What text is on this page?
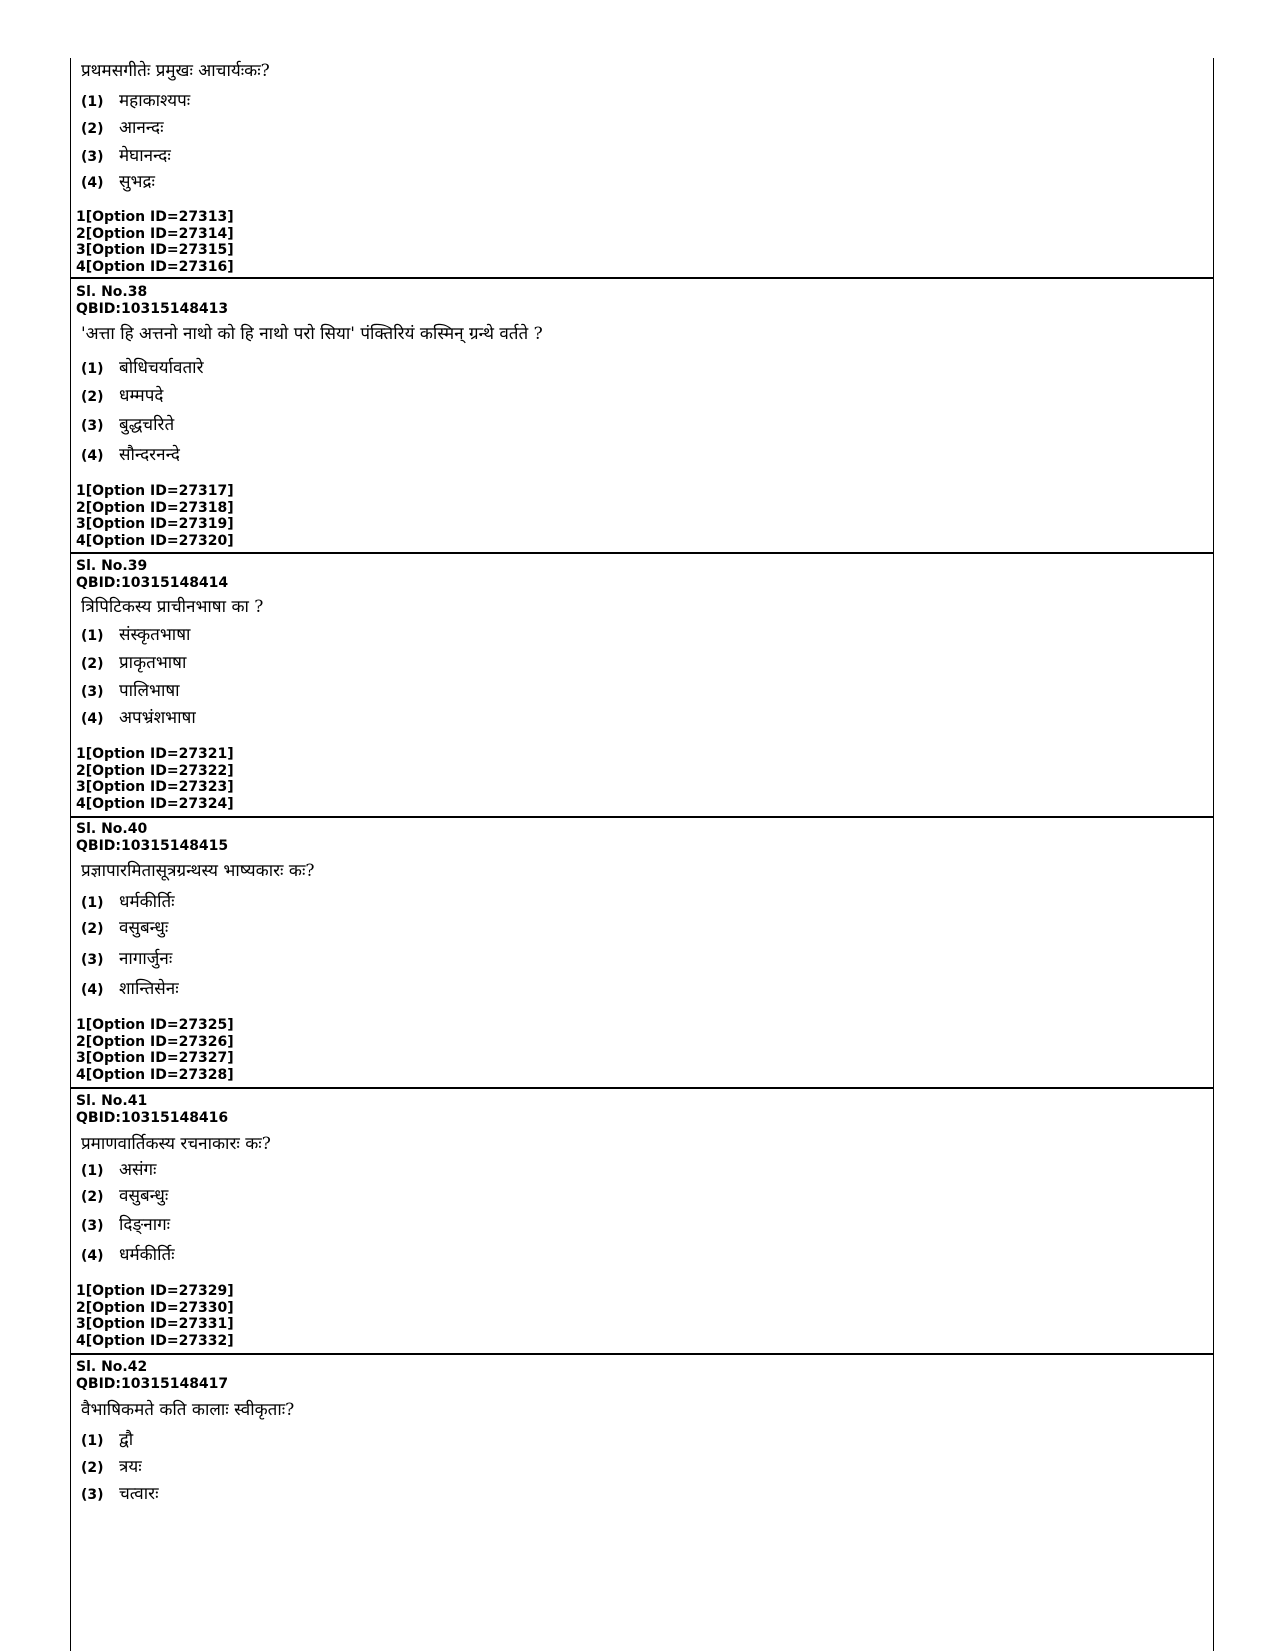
प्रथमसगीतेः प्रमुखः आचार्यःकः?
(1) महाकाश्यपः
(2) आनन्दः
(3) मेघानन्दः
(4) सुभद्रः
1[Option ID=27313]
2[Option ID=27314]
3[Option ID=27315]
4[Option ID=27316]
Sl. No.38
QBID:10315148413
'अत्ता हि अत्तनो नाथो को हि नाथो परो सिया' पंक्तिरियं कस्मिन् ग्रन्थे वर्तते ?
(1) बोधिचर्यावतारे
(2) धम्मपदे
(3) बुद्धचरिते
(4) सौन्दरनन्दे
1[Option ID=27317]
2[Option ID=27318]
3[Option ID=27319]
4[Option ID=27320]
Sl. No.39
QBID:10315148414
त्रिपिटिकस्य प्राचीनभाषा का ?
(1) संस्कृतभाषा
(2) प्राकृतभाषा
(3) पालिभाषा
(4) अपभ्रंशभाषा
1[Option ID=27321]
2[Option ID=27322]
3[Option ID=27323]
4[Option ID=27324]
Sl. No.40
QBID:10315148415
प्रज्ञापारमितासूत्रग्रन्थस्य भाष्यकारः कः?
(1) धर्मकीर्तिः
(2) वसुबन्धुः
(3) नागार्जुनः
(4) शान्तिसेनः
1[Option ID=27325]
2[Option ID=27326]
3[Option ID=27327]
4[Option ID=27328]
Sl. No.41
QBID:10315148416
प्रमाणवार्तिकस्य रचनाकारः कः?
(1) असंगः
(2) वसुबन्धुः
(3) दिङ्नागः
(4) धर्मकीर्तिः
1[Option ID=27329]
2[Option ID=27330]
3[Option ID=27331]
4[Option ID=27332]
Sl. No.42
QBID:10315148417
वैभाषिकमते कति कालाः स्वीकृताः?
(1) द्वौ
(2) त्रयः
(3) चत्वारः
